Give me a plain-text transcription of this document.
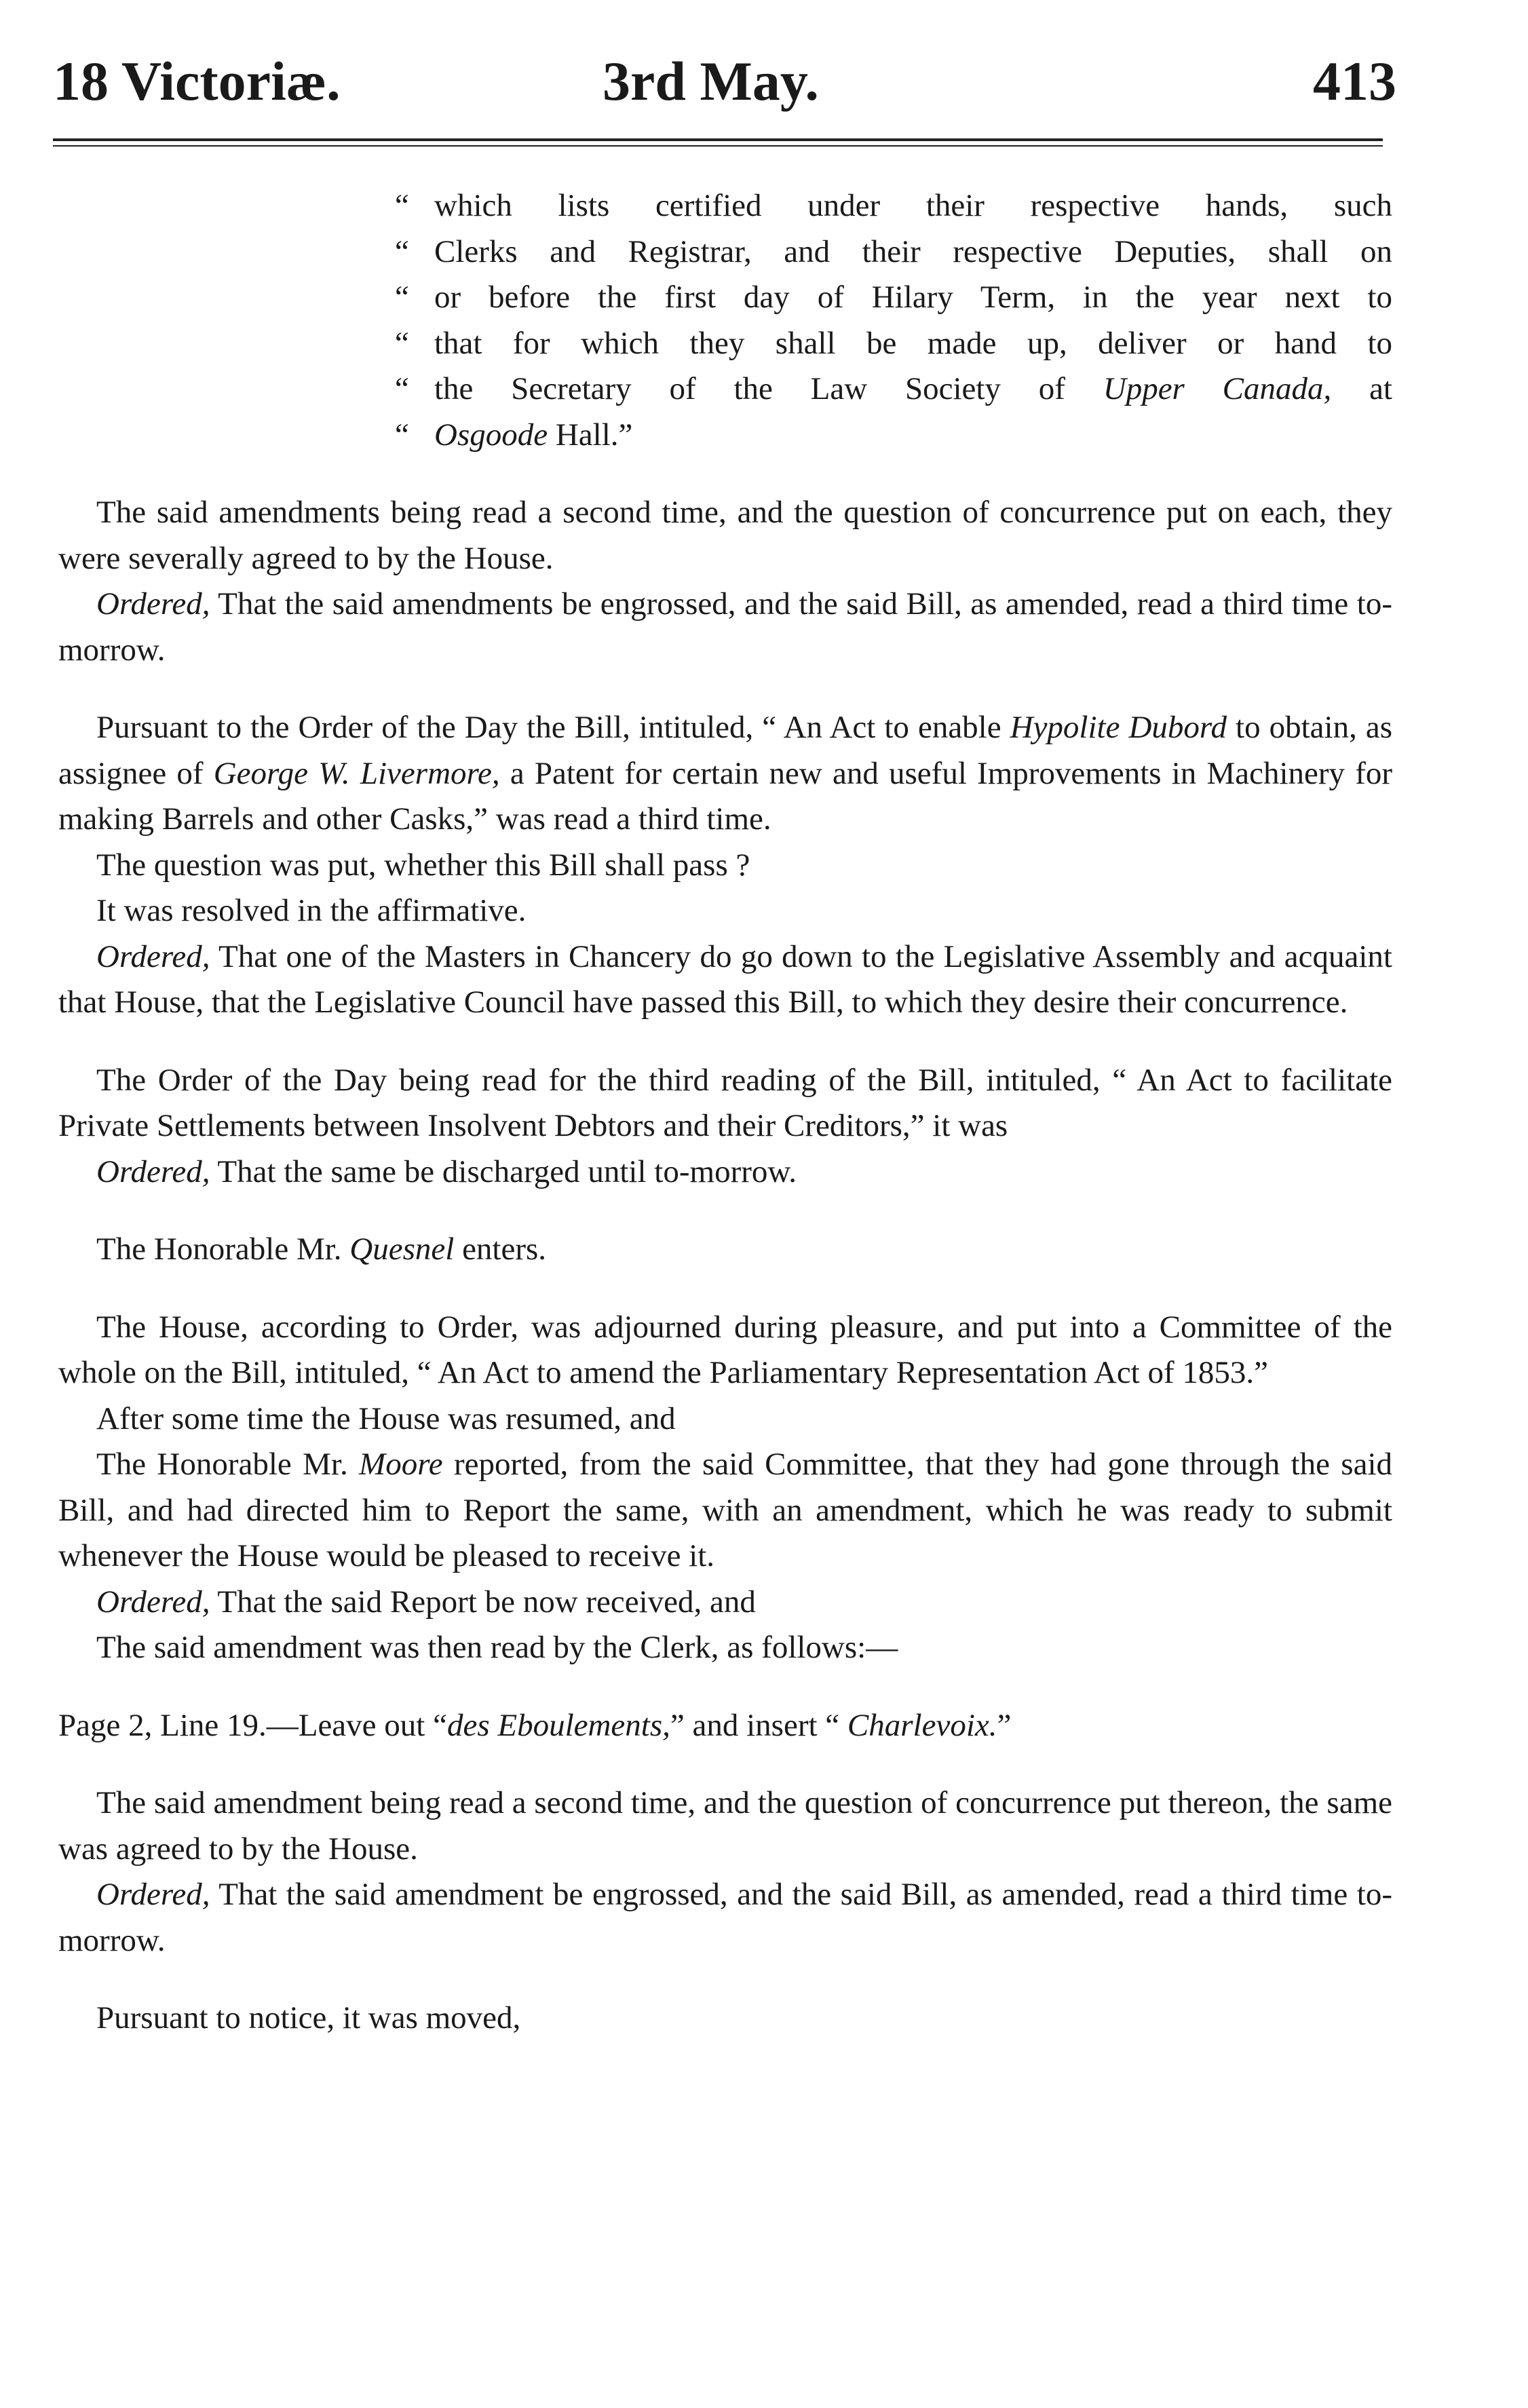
18 Victoriæ.	3rd May.	413
“ which lists certified under their respective hands, such
“ Clerks and Registrar, and their respective Deputies, shall on
“ or before the first day of Hilary Term, in the year next to
“ that for which they shall be made up, deliver or hand to
“ the Secretary of the Law Society of Upper Canada, at
“ Osgoode Hall.”

The said amendments being read a second time, and the question of concurrence put on each, they were severally agreed to by the House.

Ordered, That the said amendments be engrossed, and the said Bill, as amended, read a third time to-morrow.

Pursuant to the Order of the Day the Bill, intituled, “ An Act to enable Hypolite Dubord to obtain, as assignee of George W. Livermore, a Patent for certain new and useful Improvements in Machinery for making Barrels and other Casks,” was read a third time.

The question was put, whether this Bill shall pass ?

It was resolved in the affirmative.

Ordered, That one of the Masters in Chancery do go down to the Legislative Assembly and acquaint that House, that the Legislative Council have passed this Bill, to which they desire their concurrence.

The Order of the Day being read for the third reading of the Bill, intituled, “ An Act to facilitate Private Settlements between Insolvent Debtors and their Creditors,” it was

Ordered, That the same be discharged until to-morrow.

The Honorable Mr. Quesnel enters.

The House, according to Order, was adjourned during pleasure, and put into a Committee of the whole on the Bill, intituled, “ An Act to amend the Parliamentary Representation Act of 1853.”

After some time the House was resumed, and

The Honorable Mr. Moore reported, from the said Committee, that they had gone through the said Bill, and had directed him to Report the same, with an amendment, which he was ready to submit whenever the House would be pleased to receive it.

Ordered, That the said Report be now received, and

The said amendment was then read by the Clerk, as follows:—

Page 2, Line 19.—Leave out “des Eboulements,” and insert “ Charlevoix.”

The said amendment being read a second time, and the question of concurrence put thereon, the same was agreed to by the House.

Ordered, That the said amendment be engrossed, and the said Bill, as amended, read a third time to-morrow.

Pursuant to notice, it was moved,
